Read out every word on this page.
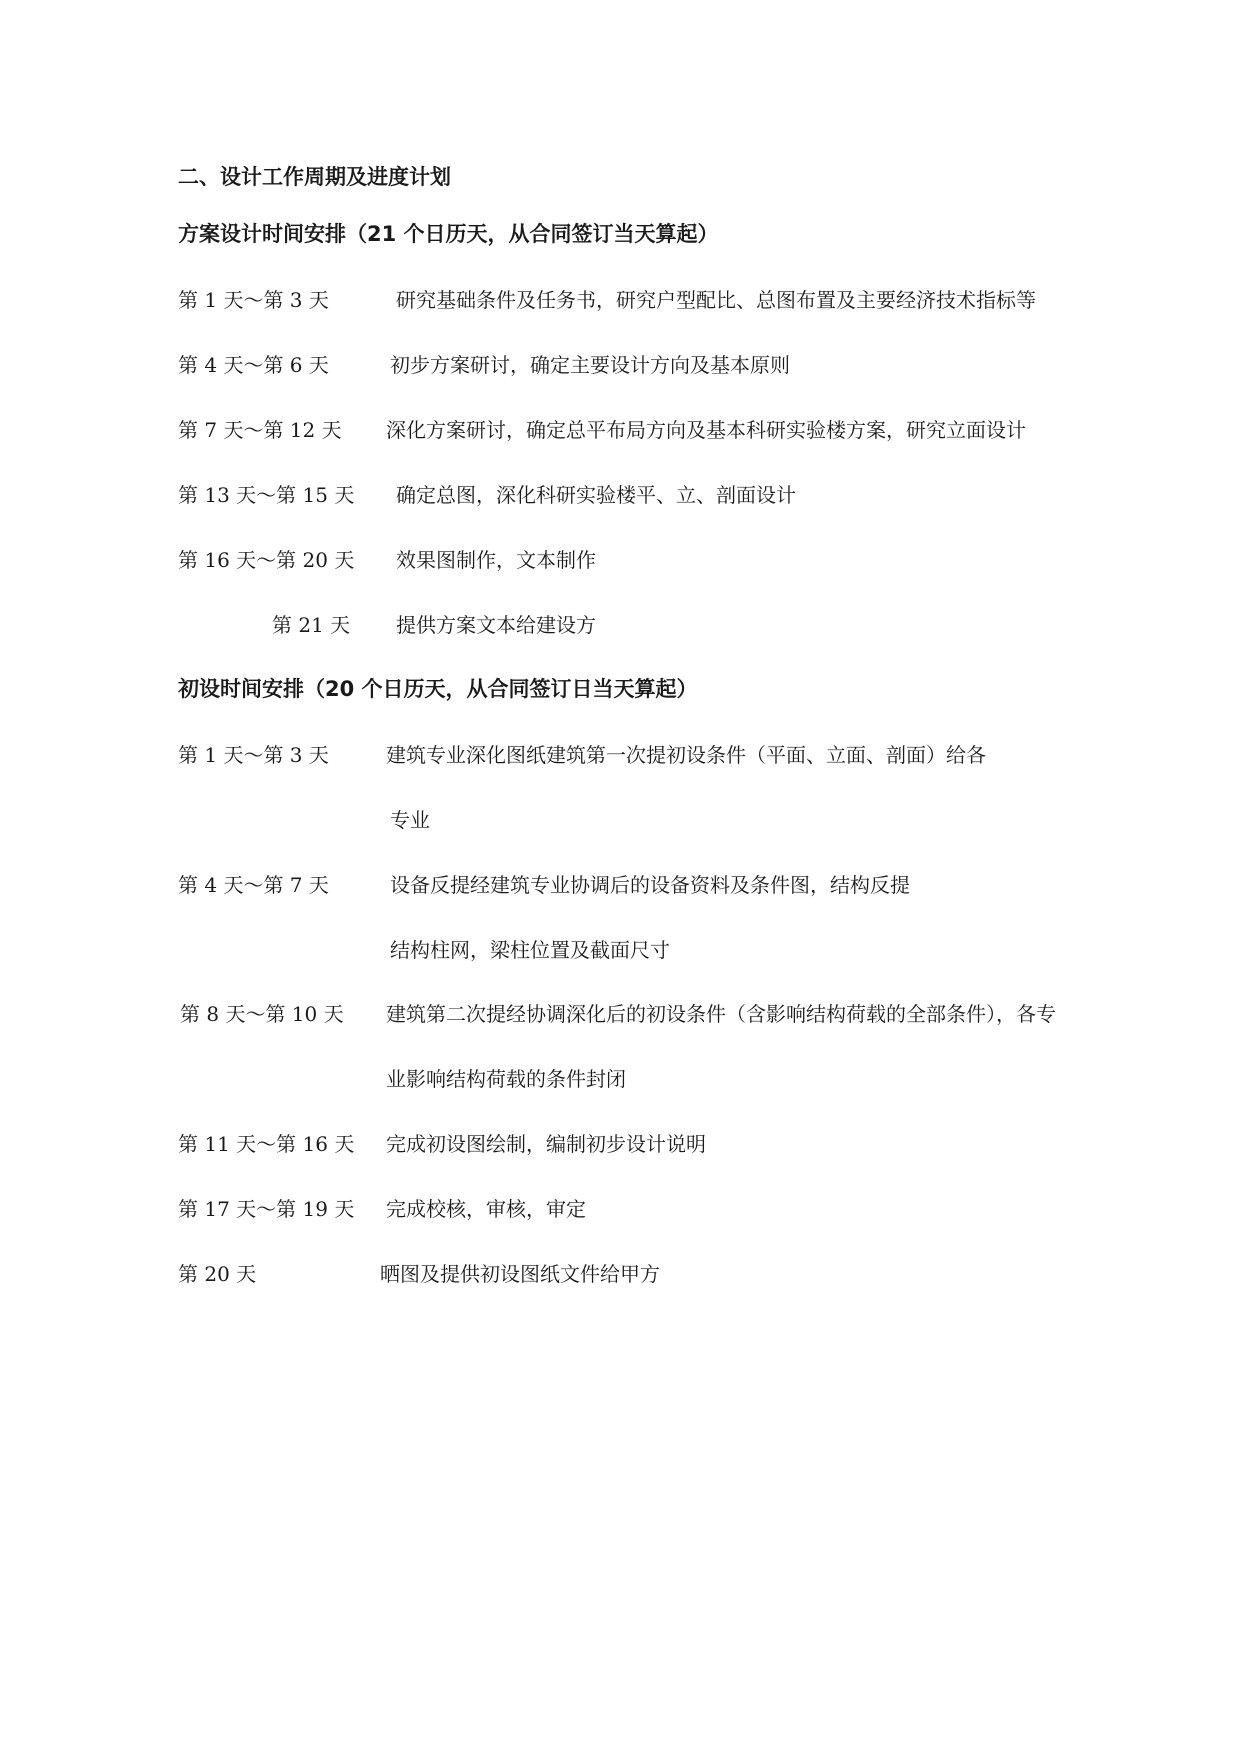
二、设计工作周期及进度计划
方案设计时间安排（21 个日历天，从合同签订当天算起）
第 1 天～第 3 天	研究基础条件及任务书，研究户型配比、总图布置及主要经济技术指标等
第 4 天～第 6 天	初步方案研讨，确定主要设计方向及基本原则
第 7 天～第 12 天 深化方案研讨，确定总平布局方向及基本科研实验楼方案，研究立面设计
第 13 天～第 15 天 确定总图，深化科研实验楼平、立、剖面设计
第 16 天～第 20 天 效果图制作，文本制作
第 21 天 提供方案文本给建设方
初设时间安排（20 个日历天，从合同签订日当天算起）
第 1 天～第 3 天	建筑专业深化图纸建筑第一次提初设条件（平面、立面、剖面）给各
专业
第 4 天～第 7 天	设备反提经建筑专业协调后的设备资料及条件图，结构反提
结构柱网，梁柱位置及截面尺寸
第 8 天～第 10 天 建筑第二次提经协调深化后的初设条件（含影响结构荷载的全部条件），各专
业影响结构荷载的条件封闭
第 11 天～第 16 天 完成初设图绘制，编制初步设计说明
第 17 天～第 19 天 完成校核，审核，审定
第 20 天	晒图及提供初设图纸文件给甲方
